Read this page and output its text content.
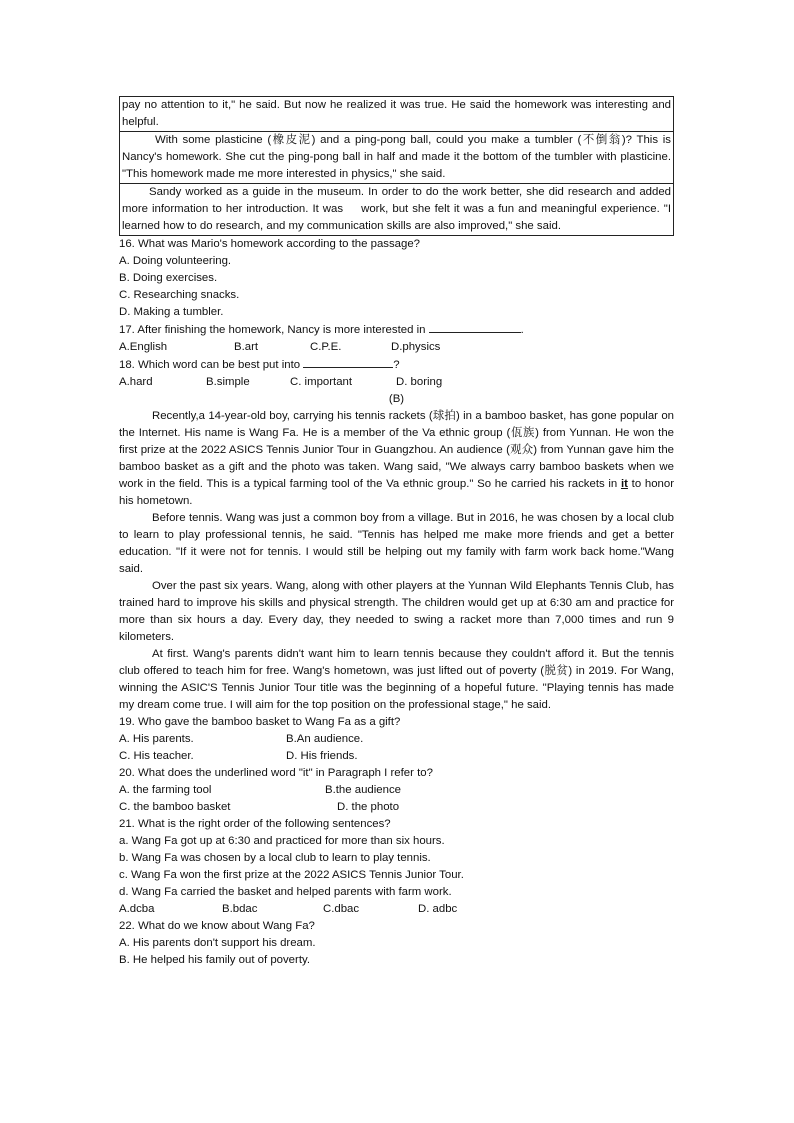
pay no attention to it," he said. But now he realized it was true. He said the homework was interesting and helpful.

With some plasticine (橡皮泥) and a ping-pong ball, could you make a tumbler (不倒翁)? This is Nancy's homework. She cut the ping-pong ball in half and made it the bottom of the tumbler with plasticine. "This homework made me more interested in physics," she said.

Sandy worked as a guide in the museum. In order to do the work better, she did research and added more information to her introduction. It was  work, but she felt it was a fun and meaningful experience. "I learned how to do research, and my communication skills are also improved," she said.

16. What was Mario's homework according to the passage?

A. Doing volunteering.

B. Doing exercises.

C. Researching snacks.

D. Making a tumbler.

17. After finishing the homework, Nancy is more interested in	.

A.English	B.art	C.P.E.	D.physics

18. Which word can be best put into	?

A.hard	B.simple	C. important	D. boring

(B)

Recently,a 14-year-old boy, carrying his tennis rackets (球拍) in a bamboo basket, has gone popular on the Internet. His name is Wang Fa. He is a member of the Va ethnic group (佤族) from Yunnan. He won the first prize at the 2022 ASICS Tennis Junior Tour in Guangzhou. An audience (观众) from Yunnan gave him the bamboo basket as a gift and the photo was taken. Wang said, "We always carry bamboo baskets when we work in the field. This is a typical farming tool of the Va ethnic group." So he carried his rackets in it to honor his hometown.

Before tennis. Wang was just a common boy from a village. But in 2016, he was chosen by a local club to learn to play professional tennis, he said. "Tennis has helped me make more friends and get a better education. "If it were not for tennis. I would still be helping out my family with farm work back home."Wang said.

Over the past six years. Wang, along with other players at the Yunnan Wild Elephants Tennis Club, has trained hard to improve his skills and physical strength. The children would get up at 6:30 am and practice for more than six hours a day. Every day, they needed to swing a racket more than 7,000 times and run 9 kilometers.

At first. Wang's parents didn't want him to learn tennis because they couldn't afford it. But the tennis club offered to teach him for free. Wang's hometown, was just lifted out of poverty (脱贫) in 2019. For Wang, winning the ASIC'S Tennis Junior Tour title was the beginning of a hopeful future. "Playing tennis has made my dream come true. I will aim for the top position on the professional stage," he said.

19. Who gave the bamboo basket to Wang Fa as a gift?

A. His parents.	B.An audience.
C. His teacher.	D. His friends.

20. What does the underlined word "it" in Paragraph I refer to?

A. the farming tool	B.the audience
C. the bamboo basket	D. the photo

21. What is the right order of the following sentences?

a. Wang Fa got up at 6:30 and practiced for more than six hours.

b. Wang Fa was chosen by a local club to learn to play tennis.

c. Wang Fa won the first prize at the 2022 ASICS Tennis Junior Tour.

d. Wang Fa carried the basket and helped parents with farm work.

A.dcba	B.bdac	C.dbac	D. adbc

22. What do we know about Wang Fa?

A. His parents don't support his dream.

B. He helped his family out of poverty.
